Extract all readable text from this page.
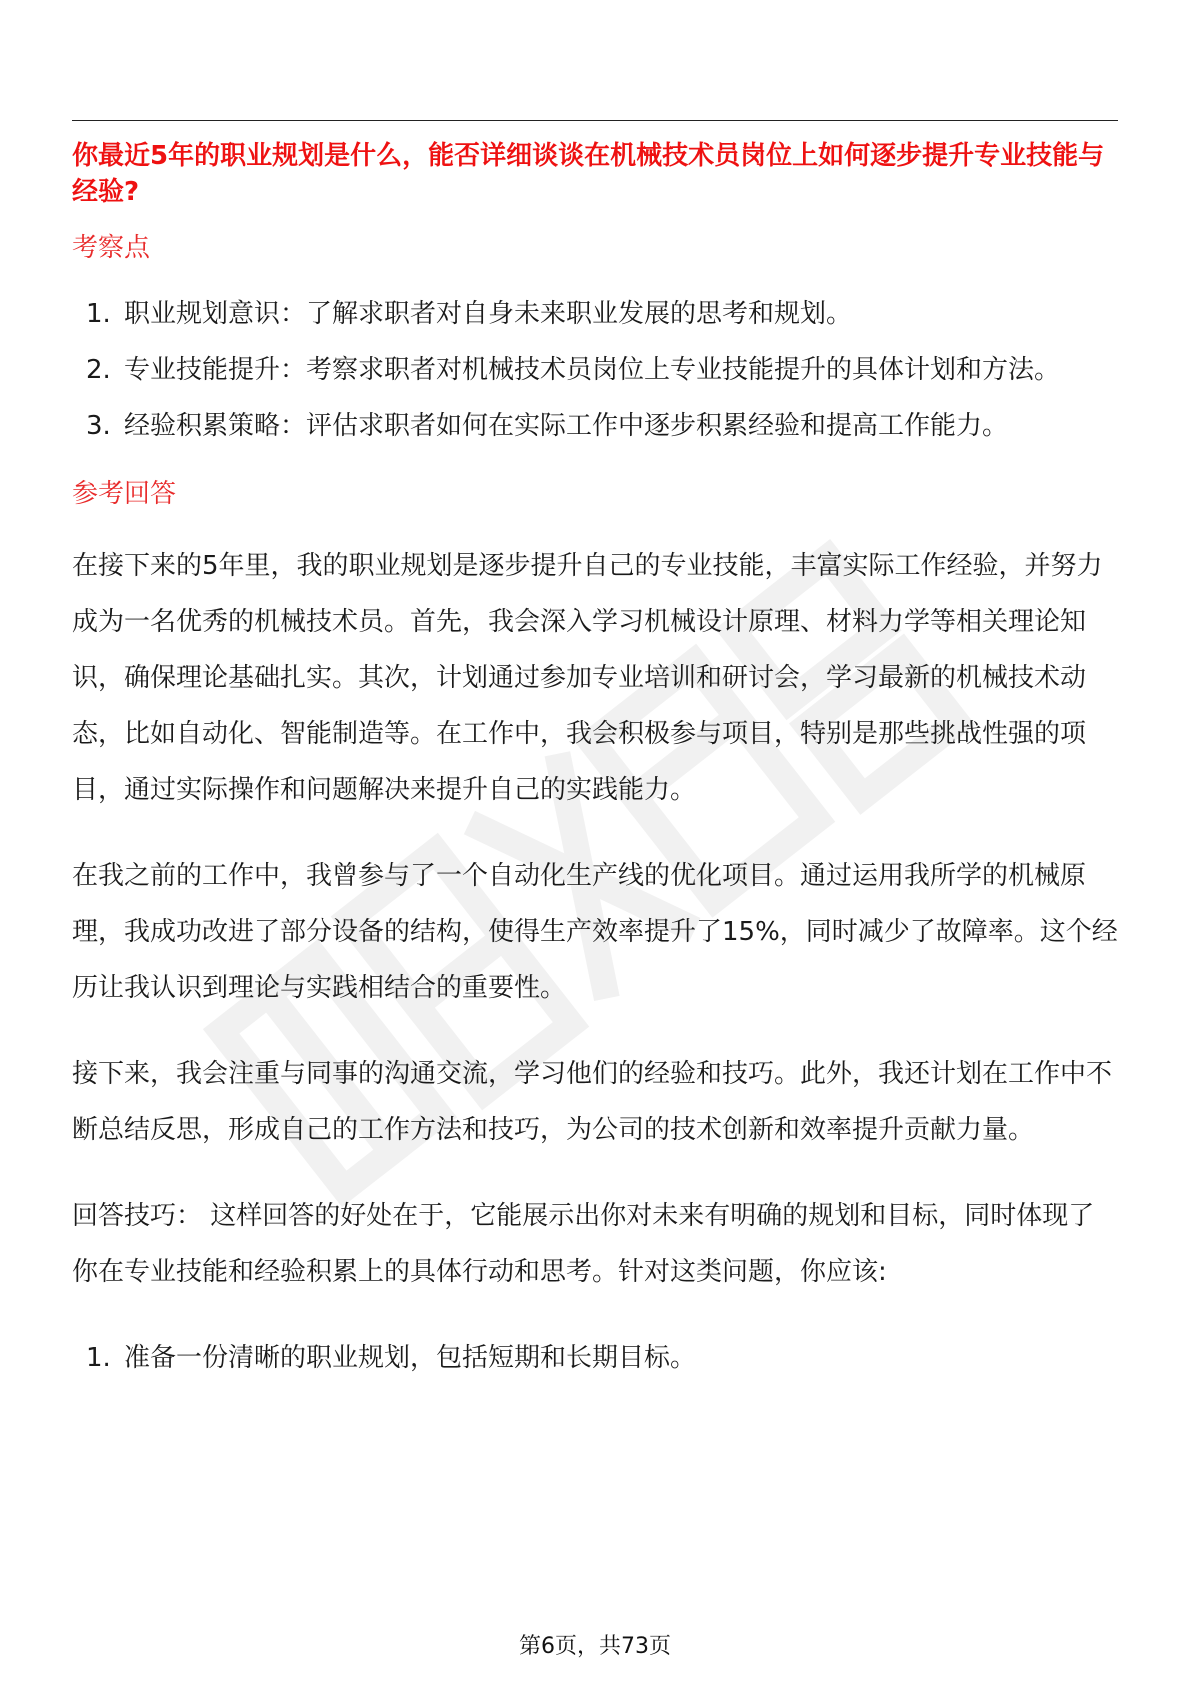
你最近5年的职业规划是什么，能否详细谈谈在机械技术员岗位上如何逐步提升专业技能与经验?
考察点
1. 职业规划意识：了解求职者对自身未来职业发展的思考和规划。
2. 专业技能提升：考察求职者对机械技术员岗位上专业技能提升的具体计划和方法。
3. 经验积累策略：评估求职者如何在实际工作中逐步积累经验和提高工作能力。
参考回答

在接下来的5年里，我的职业规划是逐步提升自己的专业技能，丰富实际工作经验，并努力成为一名优秀的机械技术员。首先，我会深入学习机械设计原理、材料力学等相关理论知识，确保理论基础扎实。其次，计划通过参加专业培训和研讨会，学习最新的机械技术动态，比如自动化、智能制造等。在工作中，我会积极参与项目，特别是那些挑战性强的项目，通过实际操作和问题解决来提升自己的实践能力。

在我之前的工作中，我曾参与了一个自动化生产线的优化项目。通过运用我所学的机械原理，我成功改进了部分设备的结构，使得生产效率提升了15%，同时减少了故障率。这个经历让我认识到理论与实践相结合的重要性。

接下来，我会注重与同事的沟通交流，学习他们的经验和技巧。此外，我还计划在工作中不断总结反思，形成自己的工作方法和技巧，为公司的技术创新和效率提升贡献力量。

回答技巧： 这样回答的好处在于，它能展示出你对未来有明确的规划和目标，同时体现了你在专业技能和经验积累上的具体行动和思考。针对这类问题，你应该:

1. 准备一份清晰的职业规划，包括短期和长期目标。
第6页，共73页
